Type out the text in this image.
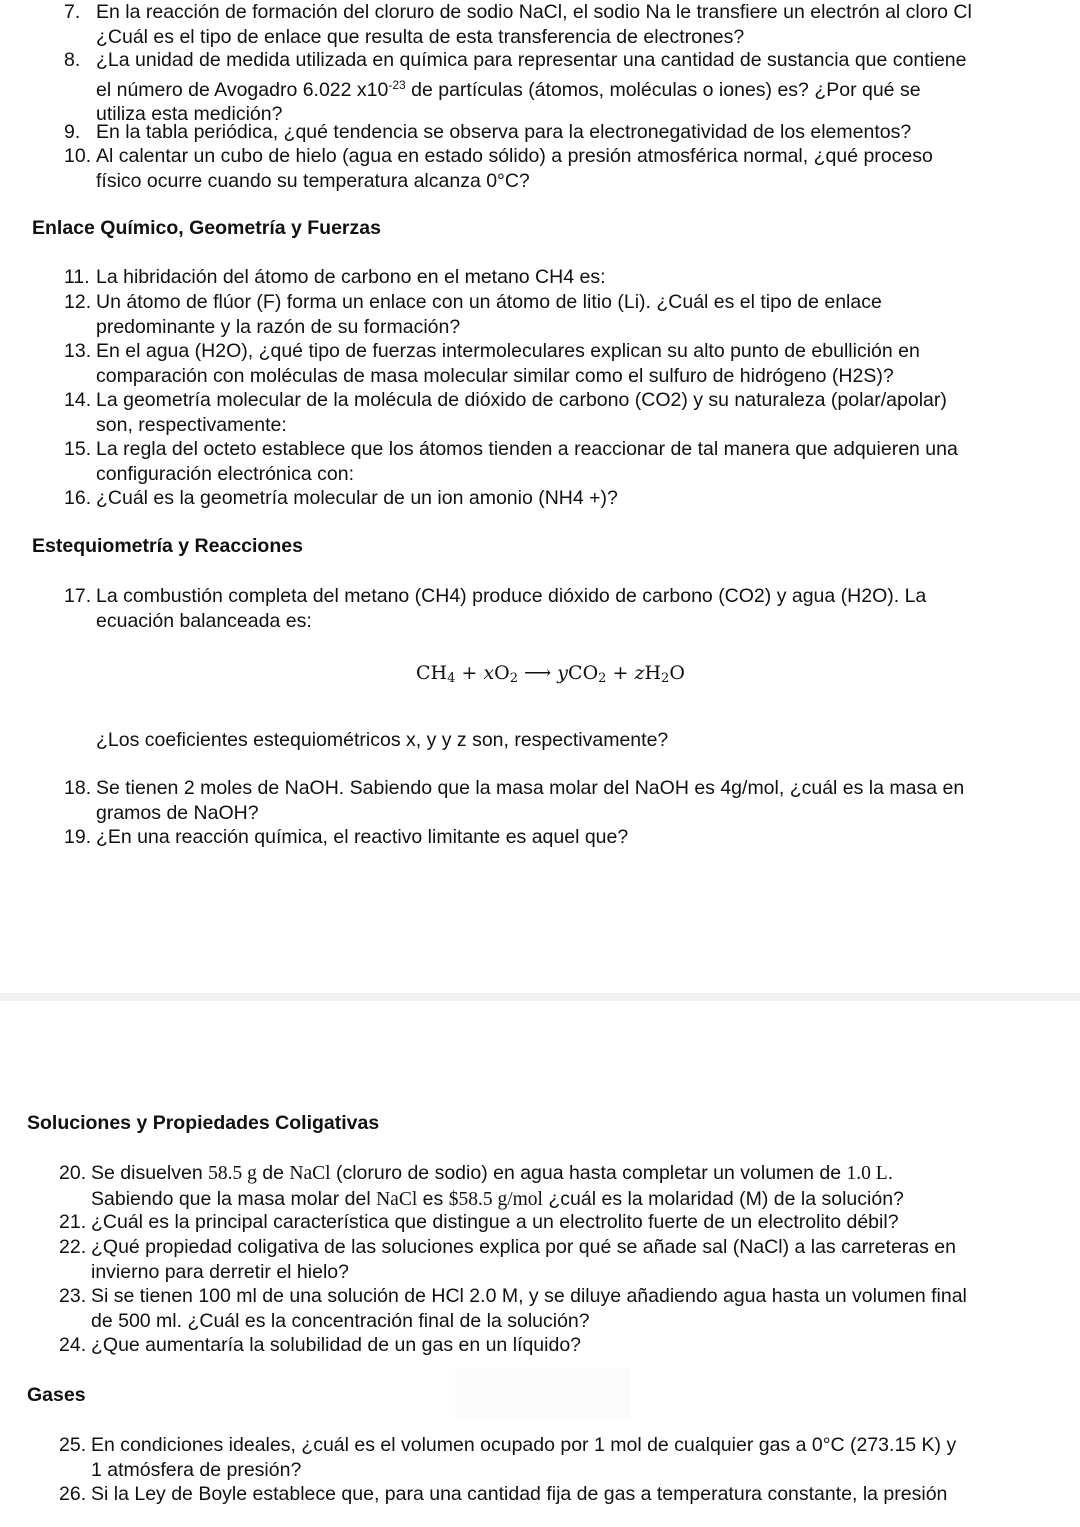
7. En la reacción de formación del cloruro de sodio NaCl, el sodio Na le transfiere un electrón al cloro Cl
¿Cuál es el tipo de enlace que resulta de esta transferencia de electrones?
8. ¿La unidad de medida utilizada en química para representar una cantidad de sustancia que contiene
el número de Avogadro 6.022 $x10^{-23}$ de partículas (átomos, moléculas o iones) es? ¿Por qué se
utiliza esta medición?
9. En la tabla periódica, ¿qué tendencia se observa para la electronegatividad de los elementos?
10. Al calentar un cubo de hielo (agua en estado sólido) a presión atmosférica normal, ¿qué proceso
físico ocurre cuando su temperatura alcanza 0°C?
Enlace Químico, Geometría y Fuerzas
11. La hibridación del átomo de carbono en el metano CH4 es:
12. Un átomo de flúor (F) forma un enlace con un átomo de litio (Li). ¿Cuál es el tipo de enlace
predominante y la razón de su formación?
13. En el agua (H2O), ¿qué tipo de fuerzas intermoleculares explican su alto punto de ebullición en
comparación con moléculas de masa molecular similar como el sulfuro de hidrógeno (H2S)?
14. La geometría molecular de la molécula de dióxido de carbono (CO2) y su naturaleza (polar/apolar)
son, respectivamente:
15. La regla del octeto establece que los átomos tienden a reaccionar de tal manera que adquieren una
configuración electrónica con:
16. ¿Cuál es la geometría molecular de un ion amonio (NH4 +)?
Estequiometría y Reacciones
17. La combustión completa del metano (CH4) produce dióxido de carbono (CO2) y agua (H2O). La
ecuación balanceada es:
$CH_4 + xO_2$ ⟶ $yCO_2 + zH_2O$
¿Los coeficientes estequiométricos x, y y z son, respectivamente?
18. Se tienen 2 moles de NaOH. Sabiendo que la masa molar del NaOH es 4g/mol, ¿cuál es la masa en
gramos de NaOH?
19. ¿En una reacción química, el reactivo limitante es aquel que?
Soluciones y Propiedades Coligativas
20. Se disuelven 58.5 g de NaCl (cloruro de sodio) en agua hasta completar un volumen de 1.0 L.
Sabiendo que la masa molar del NaCl es $58.5 g/mol ¿cuál es la molaridad (M) de la solución?
21. ¿Cuál es la principal característica que distingue a un electrolito fuerte de un electrolito débil?
22. ¿Qué propiedad coligativa de las soluciones explica por qué se añade sal (NaCl) a las carreteras en
invierno para derretir el hielo?
23. Si se tienen 100 ml de una solución de HCl 2.0 M, y se diluye añadiendo agua hasta un volumen final
de 500 ml. ¿Cuál es la concentración final de la solución?
24. ¿Que aumentaría la solubilidad de un gas en un líquido?
Gases
25. En condiciones ideales, ¿cuál es el volumen ocupado por 1 mol de cualquier gas a 0°C (273.15 K) y
1 atmósfera de presión?
26. Si la Ley de Boyle establece que, para una cantidad fija de gas a temperatura constante, la presión
